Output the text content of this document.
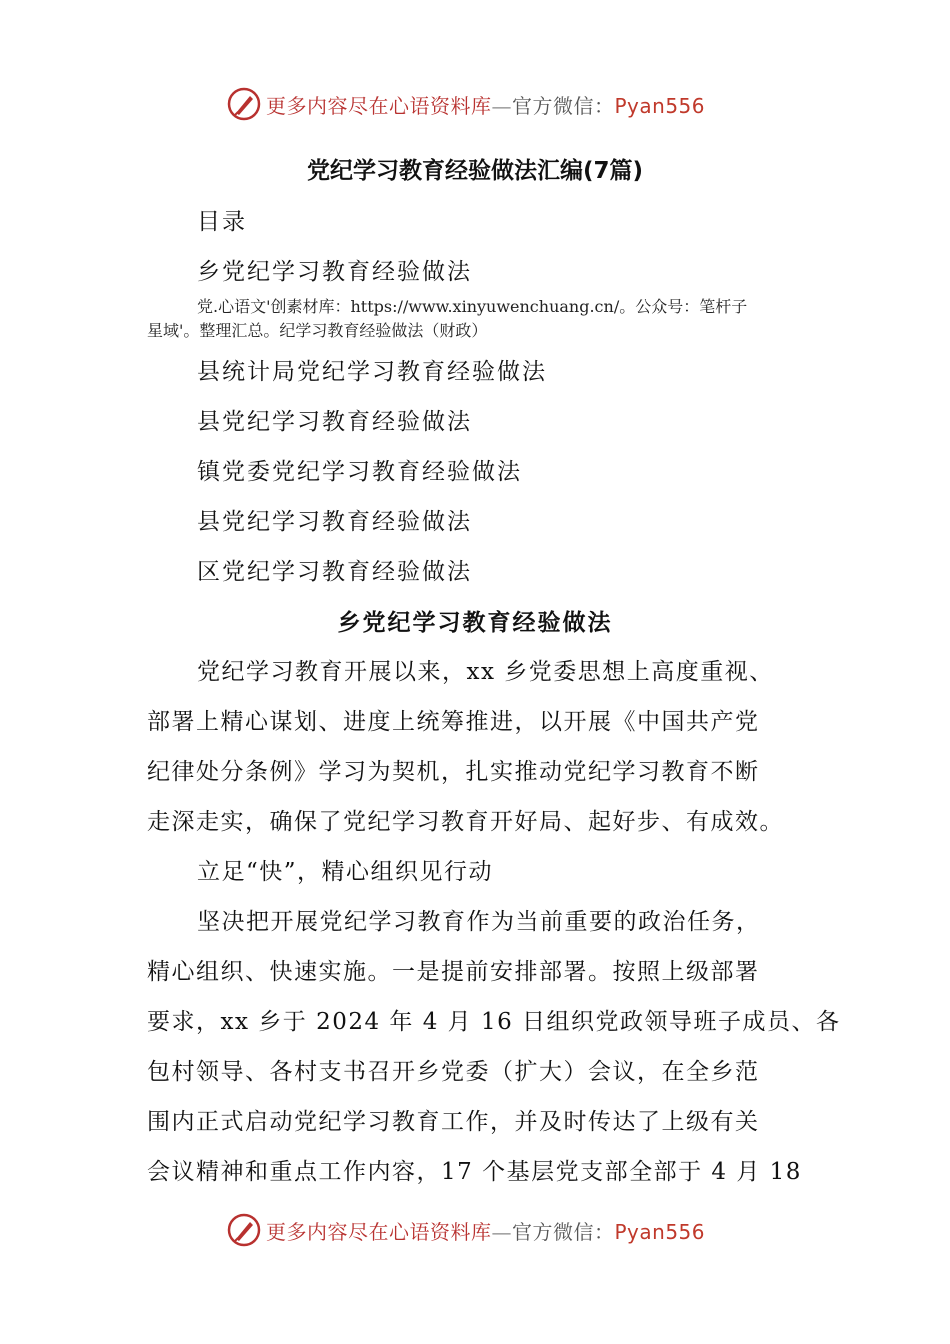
更多内容尽在心语资料库—官方微信：Pyan556
党纪学习教育经验做法汇编(7篇)
目录
乡党纪学习教育经验做法
党.心语文'创素材库：https://www.xinyuwenchuang.cn/。公众号：笔杆子
星域'。整理汇总。纪学习教育经验做法（财政）
县统计局党纪学习教育经验做法
县党纪学习教育经验做法
镇党委党纪学习教育经验做法
县党纪学习教育经验做法
区党纪学习教育经验做法
乡党纪学习教育经验做法
党纪学习教育开展以来，xx 乡党委思想上高度重视、
部署上精心谋划、进度上统筹推进，以开展《中国共产党
纪律处分条例》学习为契机，扎实推动党纪学习教育不断
走深走实，确保了党纪学习教育开好局、起好步、有成效。
立足“快”，精心组织见行动
坚决把开展党纪学习教育作为当前重要的政治任务，
精心组织、快速实施。一是提前安排部署。按照上级部署
要求，xx 乡于 2024 年 4 月 16 日组织党政领导班子成员、各
包村领导、各村支书召开乡党委（扩大）会议，在全乡范
围内正式启动党纪学习教育工作，并及时传达了上级有关
会议精神和重点工作内容，17 个基层党支部全部于 4 月 18
更多内容尽在心语资料库—官方微信：Pyan556
